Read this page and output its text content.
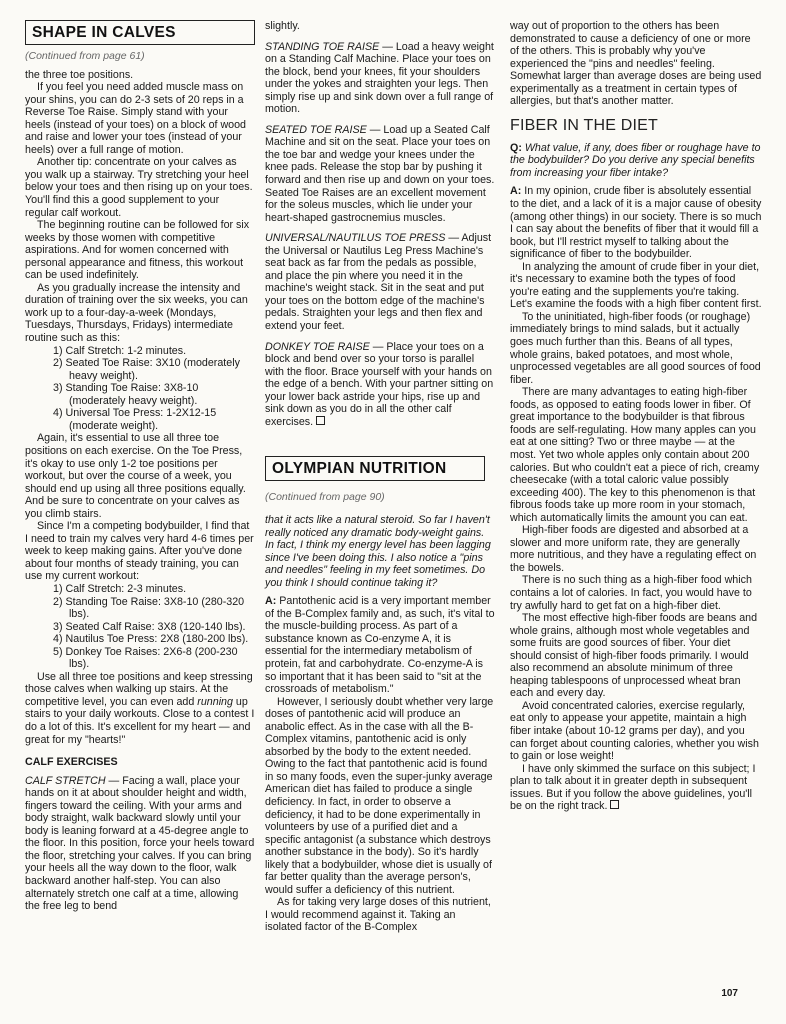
SHAPE IN CALVES
(Continued from page 61)

the three toe positions.

If you feel you need added muscle mass on your shins, you can do 2-3 sets of 20 reps in a Reverse Toe Raise. Simply stand with your heels (instead of your toes) on a block of wood and raise and lower your toes (instead of your heels) over a full range of motion.

Another tip: concentrate on your calves as you walk up a stairway. Try stretching your heel below your toes and then rising up on your toes. You'll find this a good supplement to your regular calf workout.

The beginning routine can be followed for six weeks by those women with competitive aspirations. And for women concerned with personal appearance and fitness, this workout can be used indefinitely.

As you gradually increase the intensity and duration of training over the six weeks, you can work up to a four-day-a-week (Mondays, Tuesdays, Thursdays, Fridays) intermediate routine such as this:

1) Calf Stretch: 1-2 minutes.
2) Seated Toe Raise: 3X10 (moderately heavy weight).
3) Standing Toe Raise: 3X8-10 (moderately heavy weight).
4) Universal Toe Press: 1-2X12-15 (moderate weight).

Again, it's essential to use all three toe positions on each exercise. On the Toe Press, it's okay to use only 1-2 toe positions per workout, but over the course of a week, you should end up using all three positions equally. And be sure to concentrate on your calves as you climb stairs.

Since I'm a competing bodybuilder, I find that I need to train my calves very hard 4-6 times per week to keep making gains. After you've done about four months of steady training, you can use my current workout:

1) Calf Stretch: 2-3 minutes.
2) Standing Toe Raise: 3X8-10 (280-320 lbs).
3) Seated Calf Raise: 3X8 (120-140 lbs).
4) Nautilus Toe Press: 2X8 (180-200 lbs).
5) Donkey Toe Raises: 2X6-8 (200-230 lbs).

Use all three toe positions and keep stressing those calves when walking up stairs. At the competitive level, you can even add running up stairs to your daily workouts. Close to a contest I do a lot of this. It's excellent for my heart — and great for my "hearts!"

CALF EXERCISES

CALF STRETCH — Facing a wall, place your hands on it at about shoulder height and width, fingers toward the ceiling. With your arms and body straight, walk backward slowly until your body is leaning forward at a 45-degree angle to the floor. In this position, force your heels toward the floor, stretching your calves. If you can bring your heels all the way down to the floor, walk backward another half-step. You can also alternately stretch one calf at a time, allowing the free leg to bend

slightly.

STANDING TOE RAISE — Load a heavy weight on a Standing Calf Machine. Place your toes on the block, bend your knees, fit your shoulders under the yokes and straighten your legs. Then simply rise up and sink down over a full range of motion.

SEATED TOE RAISE — Load up a Seated Calf Machine and sit on the seat. Place your toes on the toe bar and wedge your knees under the knee pads. Release the stop bar by pushing it forward and then rise up and down on your toes. Seated Toe Raises are an excellent movement for the soleus muscles, which lie under your heart-shaped gastrocnemius muscles.

UNIVERSAL/NAUTILUS TOE PRESS — Adjust the Universal or Nautilus Leg Press Machine's seat back as far from the pedals as possible, and place the pin where you need it in the machine's weight stack. Sit in the seat and put your toes on the bottom edge of the machine's pedals. Straighten your legs and then flex and extend your feet.

DONKEY TOE RAISE — Place your toes on a block and bend over so your torso is parallel with the floor. Brace yourself with your hands on the edge of a bench. With your partner sitting on your lower back astride your hips, rise up and sink down as you do in all the other calf exercises.

OLYMPIAN NUTRITION
(Continued from page 90)

that it acts like a natural steroid. So far I haven't really noticed any dramatic body-weight gains. In fact, I think my energy level has been lagging since I've been doing this. I also notice a "pins and needles" feeling in my feet sometimes. Do you think I should continue taking it?

A: Pantothenic acid is a very important member of the B-Complex family and, as such, it's vital to the muscle-building process. As part of a substance known as Co-enzyme A, it is essential for the intermediary metabolism of protein, fat and carbohydrate. Co-enzyme-A is so important that it has been said to "sit at the crossroads of metabolism."

However, I seriously doubt whether very large doses of pantothenic acid will produce an anabolic effect. As in the case with all the B-Complex vitamins, pantothenic acid is only absorbed by the body to the extent needed. Owing to the fact that pantothenic acid is found in so many foods, even the super-junky average American diet has failed to produce a single deficiency. In fact, in order to observe a deficiency, it had to be done experimentally in volunteers by use of a purified diet and a specific antagonist (a substance which destroys another substance in the body). So it's hardly likely that a bodybuilder, whose diet is usually of far better quality than the average person's, would suffer a deficiency of this nutrient.

As for taking very large doses of this nutrient, I would recommend against it. Taking an isolated factor of the B-Complex

way out of proportion to the others has been demonstrated to cause a deficiency of one or more of the others. This is probably why you've experienced the "pins and needles" feeling. Somewhat larger than average doses are being used experimentally as a treatment in certain types of allergies, but that's another matter.

FIBER IN THE DIET

Q: What value, if any, does fiber or roughage have to the bodybuilder? Do you derive any special benefits from increasing your fiber intake?

A: In my opinion, crude fiber is absolutely essential to the diet, and a lack of it is a major cause of obesity (among other things) in our society. There is so much I can say about the benefits of fiber that it would fill a book, but I'll restrict myself to talking about the significance of fiber to the bodybuilder.

In analyzing the amount of crude fiber in your diet, it's necessary to examine both the types of food you're eating and the supplements you're taking. Let's examine the foods with a high fiber content first.

To the uninitiated, high-fiber foods (or roughage) immediately brings to mind salads, but it actually goes much further than this. Beans of all types, whole grains, baked potatoes, and most whole, unprocessed vegetables are all good sources of food fiber.

There are many advantages to eating high-fiber foods, as opposed to eating foods lower in fiber. Of great importance to the bodybuilder is that fibrous foods are self-regulating. How many apples can you eat at one sitting? Two or three maybe — at the most. Yet two whole apples only contain about 200 calories. But who couldn't eat a piece of rich, creamy cheesecake (with a total caloric value possibly exceeding 400). The key to this phenomenon is that fibrous foods take up more room in your stomach, which automatically limits the amount you can eat.

High-fiber foods are digested and absorbed at a slower and more uniform rate, they are generally more nutritious, and they have a regulating effect on the bowels.

There is no such thing as a high-fiber food which contains a lot of calories. In fact, you would have to try awfully hard to get fat on a high-fiber diet.

The most effective high-fiber foods are beans and whole grains, although most whole vegetables and some fruits are good sources of fiber. Your diet should consist of high-fiber foods primarily. I would also recommend an absolute minimum of three heaping tablespoons of unprocessed wheat bran each and every day.

Avoid concentrated calories, exercise regularly, eat only to appease your appetite, maintain a high fiber intake (about 10-12 grams per day), and you can forget about counting calories, whether you wish to gain or lose weight!

I have only skimmed the surface on this subject; I plan to talk about it in greater depth in subsequent issues. But if you follow the above guidelines, you'll be on the right track.

107
